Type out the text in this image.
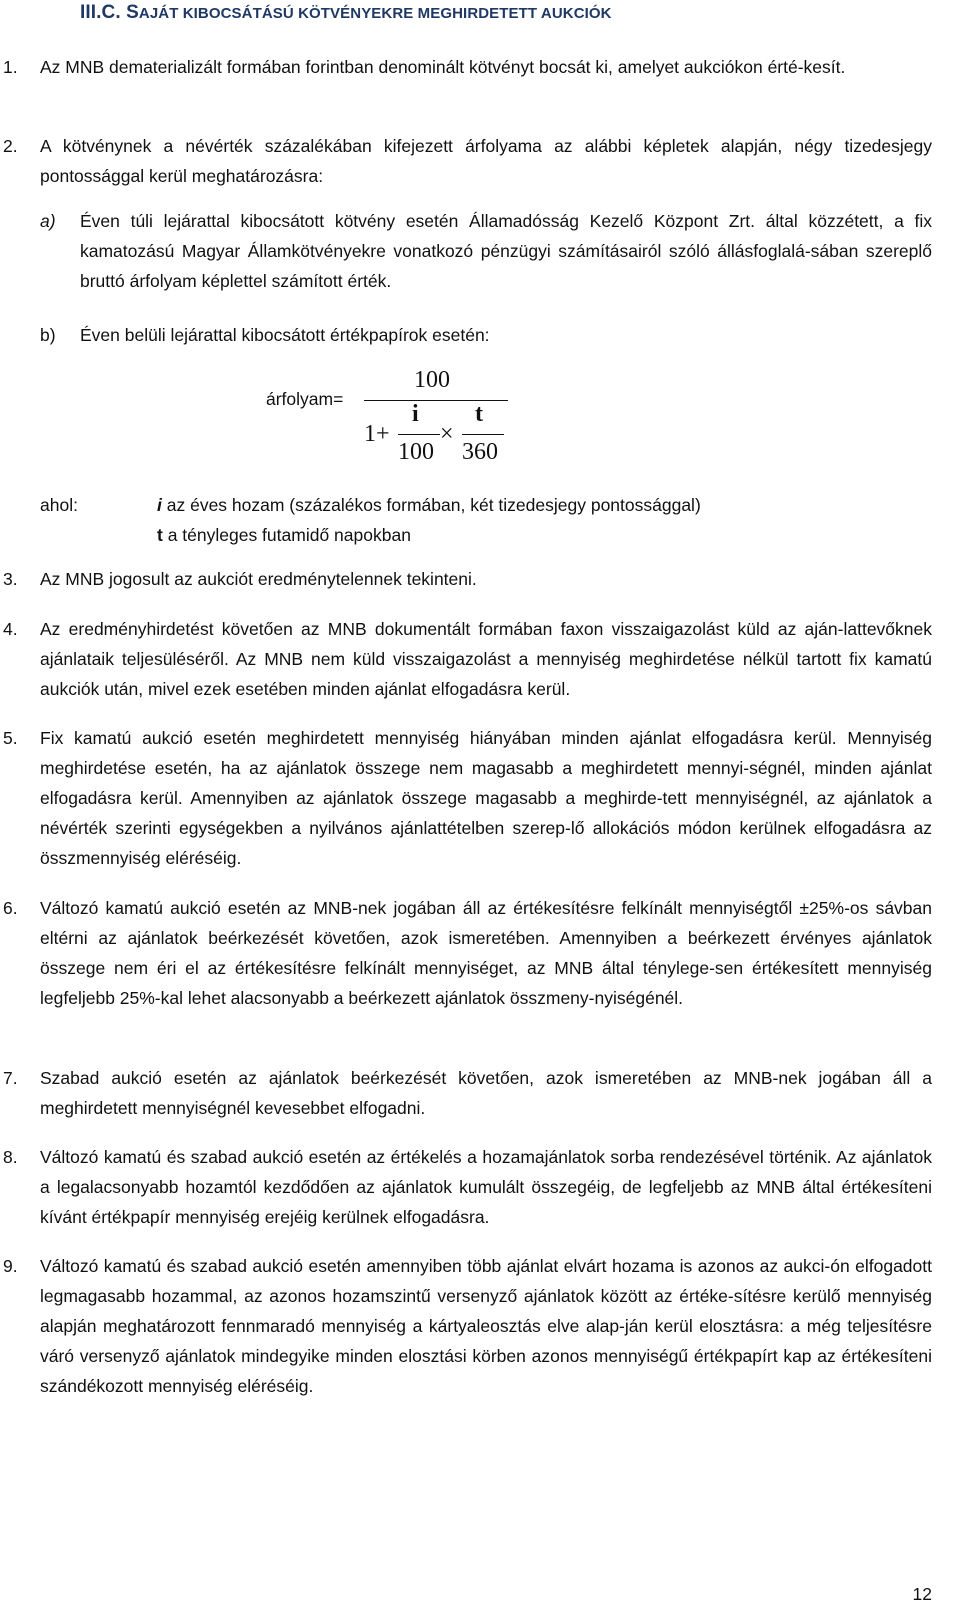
III.C. SAJÁT KIBOCSÁTÁSÚ KÖTVÉNYEKRE MEGHIRDETETT AUKCIÓK
1. Az MNB dematerializált formában forintban denominált kötvényt bocsát ki, amelyet aukciókon érté-kesít.
2. A kötvénynek a névérték százalékában kifejezett árfolyama az alábbi képletek alapján, négy tizedesjegy pontossággal kerül meghatározásra:
a) Éven túli lejárattal kibocsátott kötvény esetén Államadósság Kezelő Központ Zrt. által közzétett, a fix kamatozású Magyar Államkötvényekre vonatkozó pénzügyi számításairól szóló állásfoglalá-sában szereplő bruttó árfolyam képlettel számított érték.
b) Éven belüli lejárattal kibocsátott értékpapírok esetén:
árfolyam=
100
1+
i
100
×
t
360
ahol:	i az éves hozam (százalékos formában, két tizedesjegy pontossággal)
t a tényleges futamidő napokban
3. Az MNB jogosult az aukciót eredménytelennek tekinteni.
4. Az eredményhirdetést követően az MNB dokumentált formában faxon visszaigazolást küld az aján-lattevőknek ajánlataik teljesüléséről. Az MNB nem küld visszaigazolást a mennyiség meghirdetése nélkül tartott fix kamatú aukciók után, mivel ezek esetében minden ajánlat elfogadásra kerül.
5. Fix kamatú aukció esetén meghirdetett mennyiség hiányában minden ajánlat elfogadásra kerül. Mennyiség meghirdetése esetén, ha az ajánlatok összege nem magasabb a meghirdetett mennyi-ségnél, minden ajánlat elfogadásra kerül. Amennyiben az ajánlatok összege magasabb a meghirde-tett mennyiségnél, az ajánlatok a névérték szerinti egységekben a nyilvános ajánlattételben szerep-lő allokációs módon kerülnek elfogadásra az összmennyiség eléréséig.
6. Változó kamatú aukció esetén az MNB-nek jogában áll az értékesítésre felkínált mennyiségtől ±25%-os sávban eltérni az ajánlatok beérkezését követően, azok ismeretében. Amennyiben a beérkezett érvényes ajánlatok összege nem éri el az értékesítésre felkínált mennyiséget, az MNB által ténylege-sen értékesített mennyiség legfeljebb 25%-kal lehet alacsonyabb a beérkezett ajánlatok összmeny-nyiségénél.
7. Szabad aukció esetén az ajánlatok beérkezését követően, azok ismeretében az MNB-nek jogában áll a meghirdetett mennyiségnél kevesebbet elfogadni.
8. Változó kamatú és szabad aukció esetén az értékelés a hozamajánlatok sorba rendezésével történik. Az ajánlatok a legalacsonyabb hozamtól kezdődően az ajánlatok kumulált összegéig, de legfeljebb az MNB által értékesíteni kívánt értékpapír mennyiség erejéig kerülnek elfogadásra.
9. Változó kamatú és szabad aukció esetén amennyiben több ajánlat elvárt hozama is azonos az aukci-ón elfogadott legmagasabb hozammal, az azonos hozamszintű versenyző ajánlatok között az értéke-sítésre kerülő mennyiség alapján meghatározott fennmaradó mennyiség a kártyaleosztás elve alap-ján kerül elosztásra: a még teljesítésre váró versenyző ajánlatok mindegyike minden elosztási körben azonos mennyiségű értékpapírt kap az értékesíteni szándékozott mennyiség eléréséig.
12
